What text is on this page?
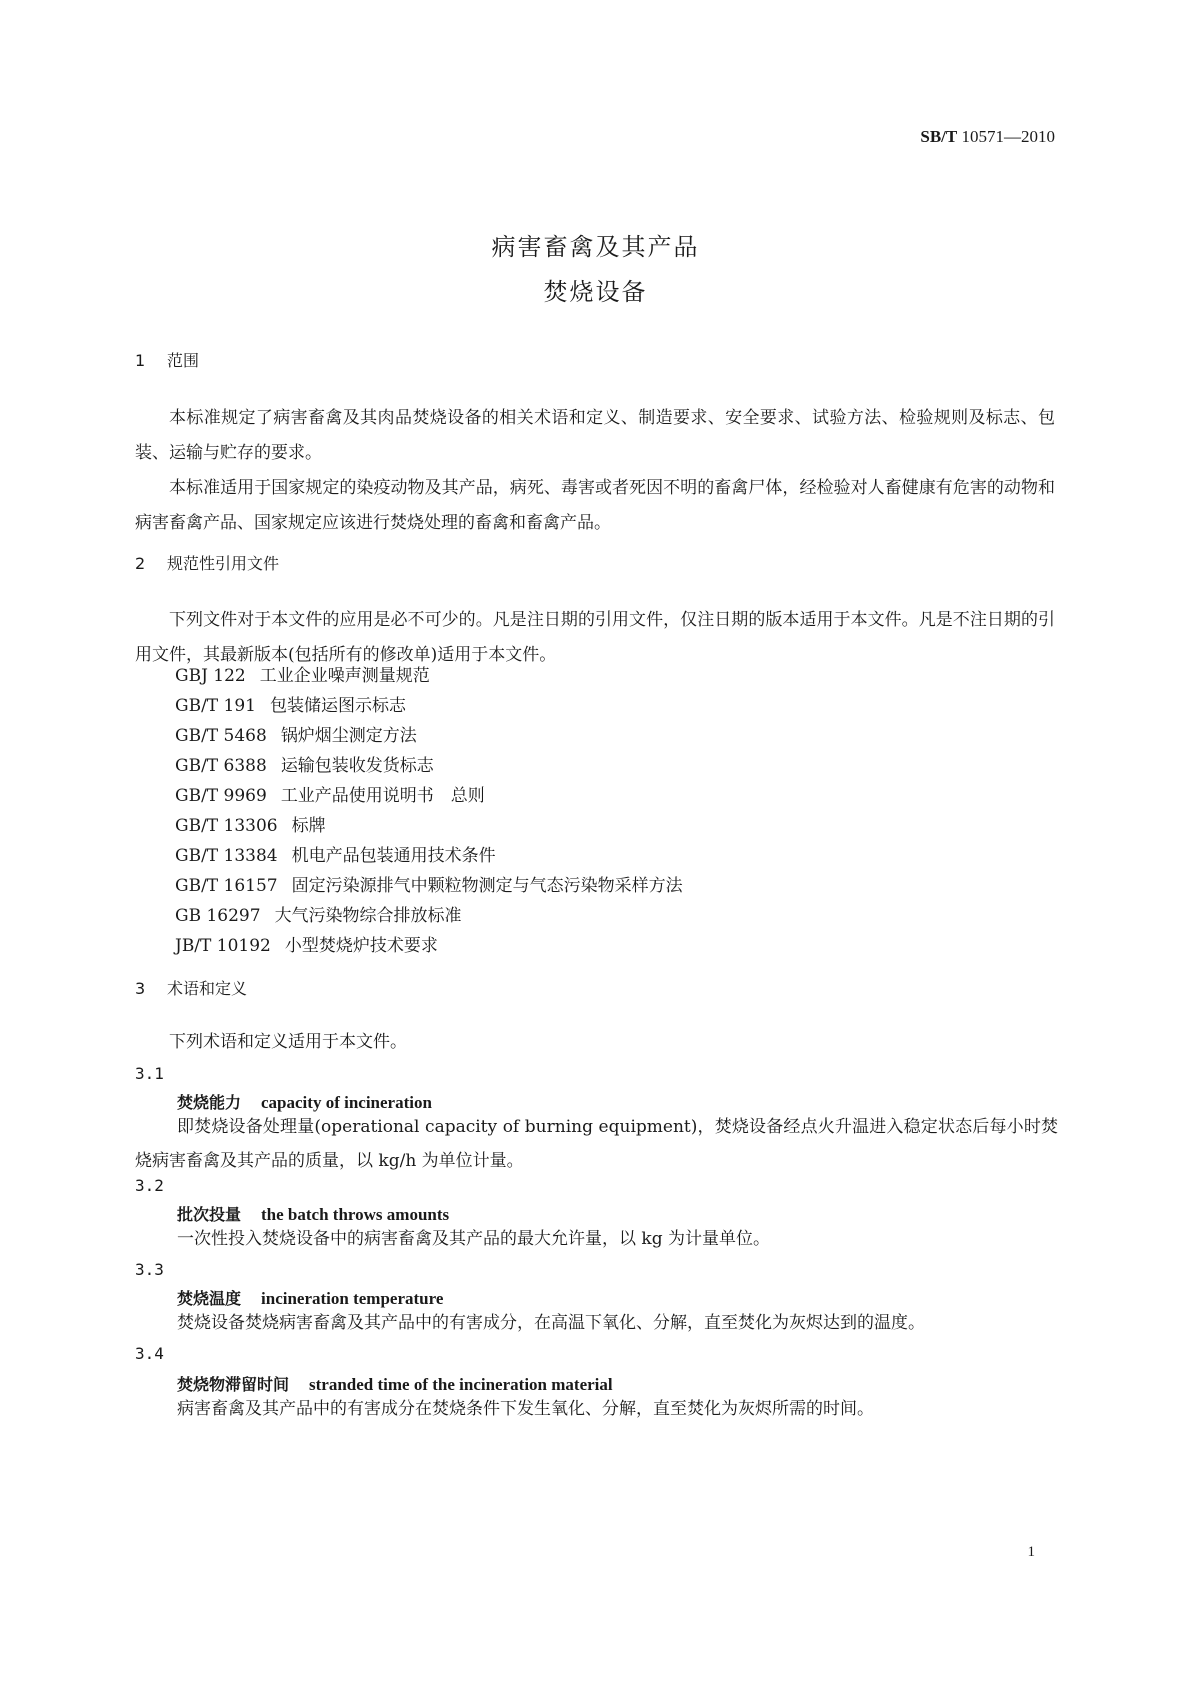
SB/T 10571—2010
病害畜禽及其产品
焚烧设备
1 范围

本标准规定了病害畜禽及其肉品焚烧设备的相关术语和定义、制造要求、安全要求、试验方法、检验规则及标志、包装、运输与贮存的要求。

本标准适用于国家规定的染疫动物及其产品，病死、毒害或者死因不明的畜禽尸体，经检验对人畜健康有危害的动物和病害畜禽产品、国家规定应该进行焚烧处理的畜禽和畜禽产品。

2 规范性引用文件

下列文件对于本文件的应用是必不可少的。凡是注日期的引用文件，仅注日期的版本适用于本文件。凡是不注日期的引用文件，其最新版本(包括所有的修改单)适用于本文件。

GBJ 122 工业企业噪声测量规范
GB/T 191 包装储运图示标志
GB/T 5468 锅炉烟尘测定方法
GB/T 6388 运输包装收发货标志
GB/T 9969 工业产品使用说明书　总则
GB/T 13306 标牌
GB/T 13384 机电产品包装通用技术条件
GB/T 16157 固定污染源排气中颗粒物测定与气态污染物采样方法
GB 16297 大气污染物综合排放标准
JB/T 10192 小型焚烧炉技术要求
3 术语和定义

下列术语和定义适用于本文件。

3.1
焚烧能力 capacity of incineration

即焚烧设备处理量(operational capacity of burning equipment)，焚烧设备经点火升温进入稳定状态后每小时焚烧病害畜禽及其产品的质量，以 kg/h 为单位计量。

3.2
批次投量 the batch throws amounts

一次性投入焚烧设备中的病害畜禽及其产品的最大允许量，以 kg 为计量单位。

3.3
焚烧温度 incineration temperature

焚烧设备焚烧病害畜禽及其产品中的有害成分，在高温下氧化、分解，直至焚化为灰烬达到的温度。

3.4
焚烧物滞留时间 stranded time of the incineration material

病害畜禽及其产品中的有害成分在焚烧条件下发生氧化、分解，直至焚化为灰烬所需的时间。

1
